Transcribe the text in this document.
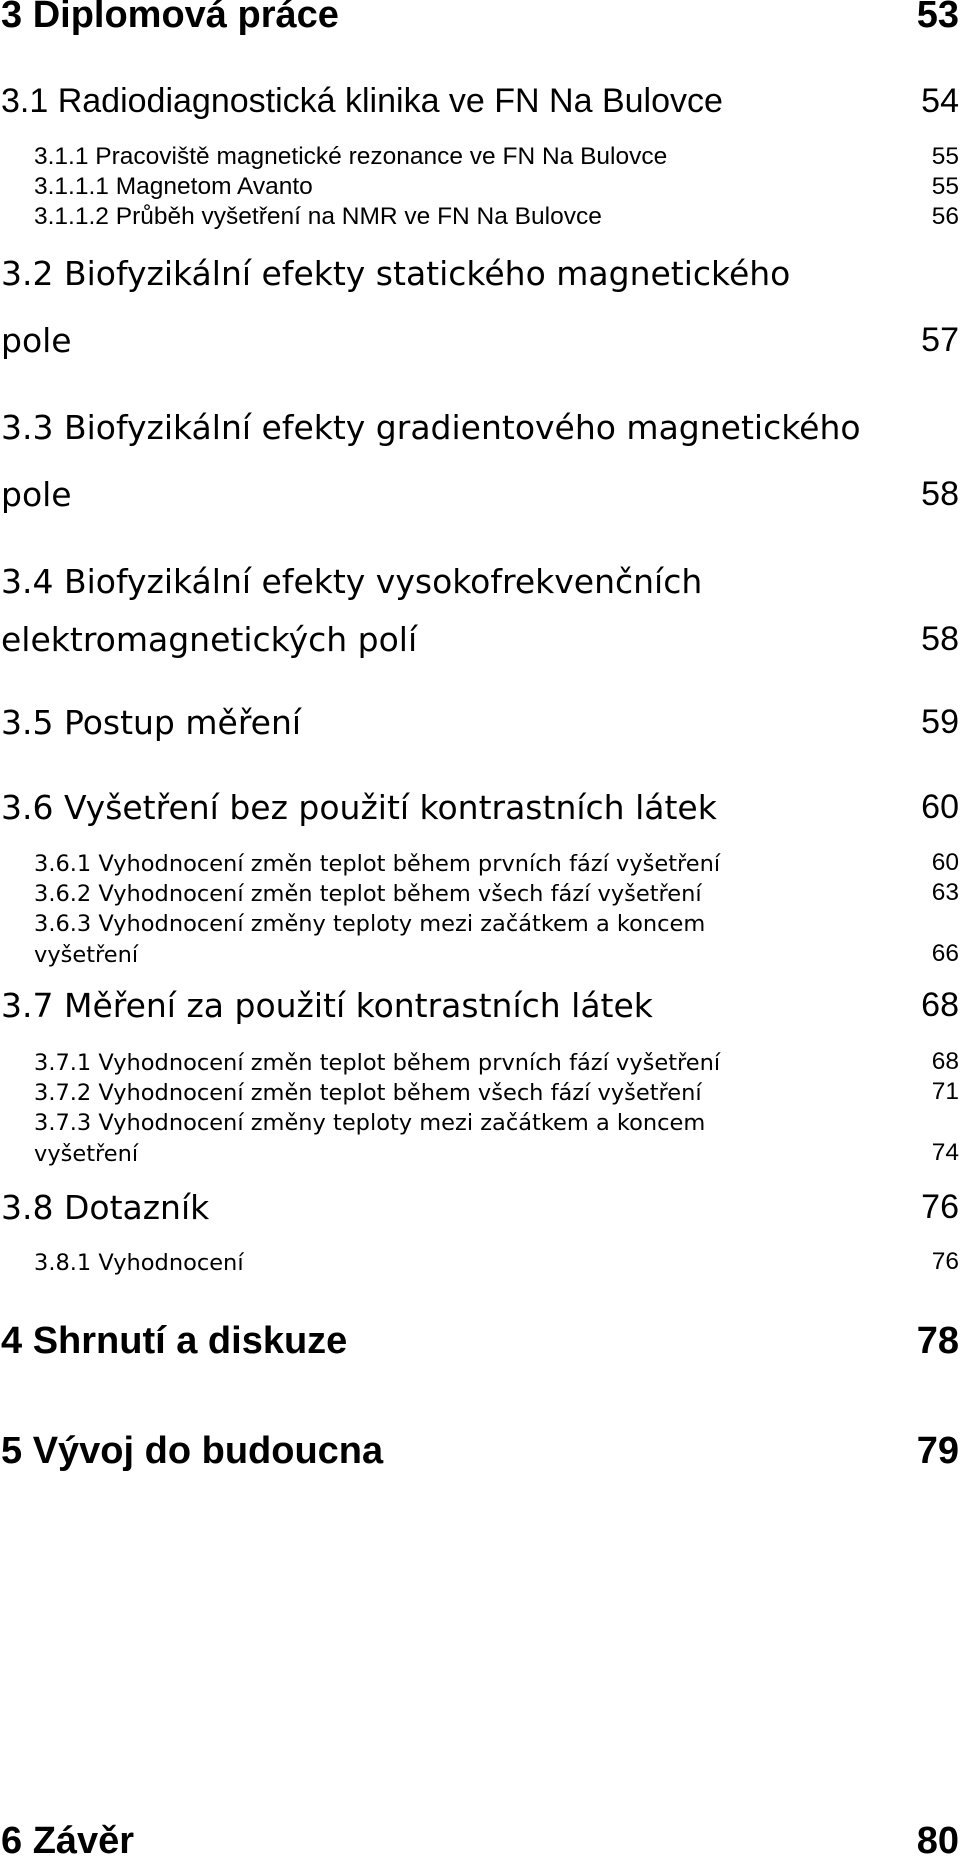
3 Diplomová práce	53
3.1 Radiodiagnostická klinika ve FN Na Bulovce	54
3.1.1 Pracoviště magnetické rezonance ve FN Na Bulovce	55
3.1.1.1 Magnetom Avanto	55
3.1.1.2 Průběh vyšetření na NMR ve FN Na Bulovce	56
3.2 Biofyzikální efekty statického magnetického
pole	57
3.3 Biofyzikální efekty gradientového magnetického
pole	58
3.4 Biofyzikální efekty vysokofrekvenčních
elektromagnetických polí	58
3.5 Postup měření	59
3.6 Vyšetření bez použití kontrastních látek	60
3.6.1 Vyhodnocení změn teplot během prvních fází vyšetření	60
3.6.2 Vyhodnocení změn teplot během všech fází vyšetření	63
3.6.3 Vyhodnocení změny teploty mezi začátkem a koncem
vyšetření	66
3.7 Měření za použití kontrastních látek	68
3.7.1 Vyhodnocení změn teplot během prvních fází vyšetření	68
3.7.2 Vyhodnocení změn teplot během všech fází vyšetření	71
3.7.3 Vyhodnocení změny teploty mezi začátkem a koncem
vyšetření	74
3.8 Dotazník	76
3.8.1 Vyhodnocení	76
4 Shrnutí a diskuze	78
5 Vývoj do budoucna	79
6 Závěr	80
